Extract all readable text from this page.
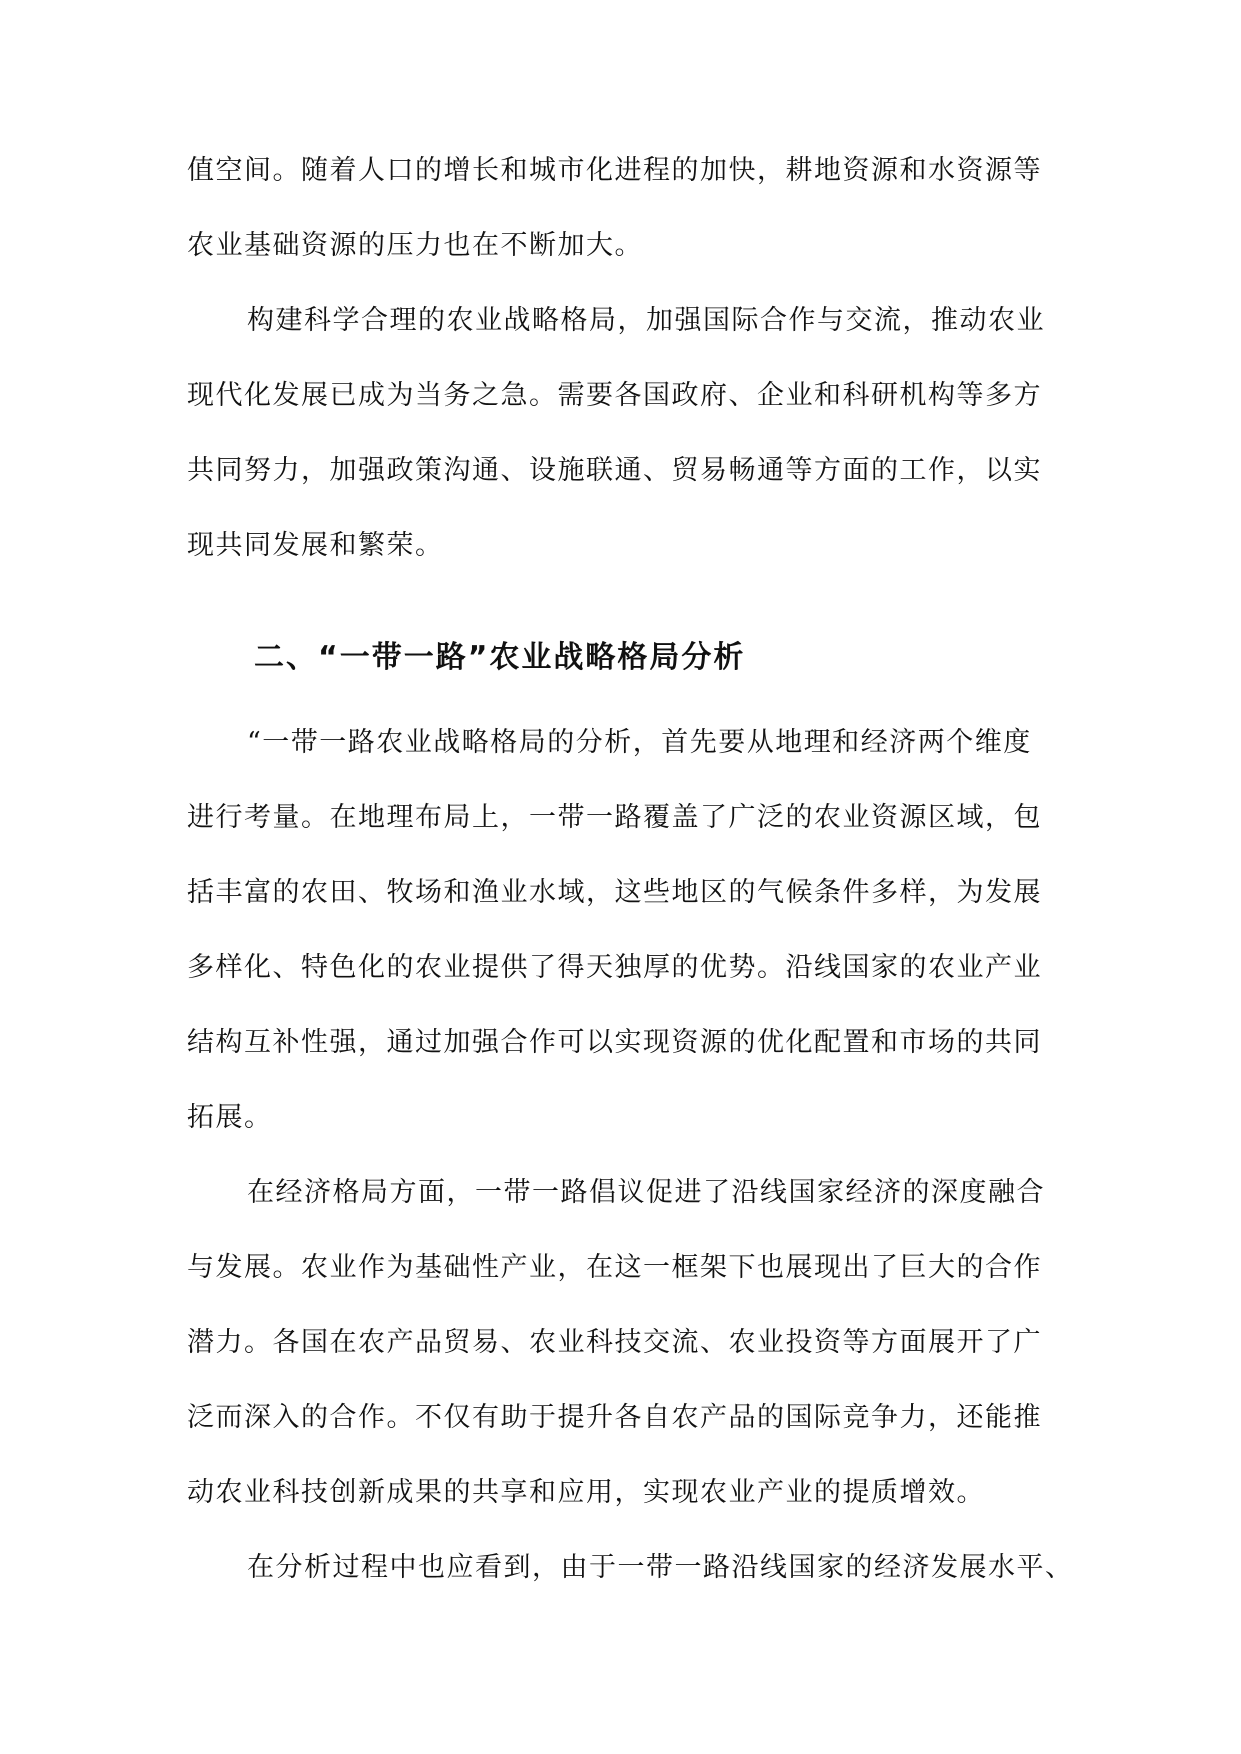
值空间。随着人口的增长和城市化进程的加快，耕地资源和水资源等
农业基础资源的压力也在不断加大。
构建科学合理的农业战略格局，加强国际合作与交流，推动农业
现代化发展已成为当务之急。需要各国政府、企业和科研机构等多方
共同努力，加强政策沟通、设施联通、贸易畅通等方面的工作，以实
现共同发展和繁荣。
二、“一带一路”农业战略格局分析
“一带一路农业战略格局的分析，首先要从地理和经济两个维度
进行考量。在地理布局上，一带一路覆盖了广泛的农业资源区域，包
括丰富的农田、牧场和渔业水域，这些地区的气候条件多样，为发展
多样化、特色化的农业提供了得天独厚的优势。沿线国家的农业产业
结构互补性强，通过加强合作可以实现资源的优化配置和市场的共同
拓展。
在经济格局方面，一带一路倡议促进了沿线国家经济的深度融合
与发展。农业作为基础性产业，在这一框架下也展现出了巨大的合作
潜力。各国在农产品贸易、农业科技交流、农业投资等方面展开了广
泛而深入的合作。不仅有助于提升各自农产品的国际竞争力，还能推
动农业科技创新成果的共享和应用，实现农业产业的提质增效。
在分析过程中也应看到，由于一带一路沿线国家的经济发展水平、
